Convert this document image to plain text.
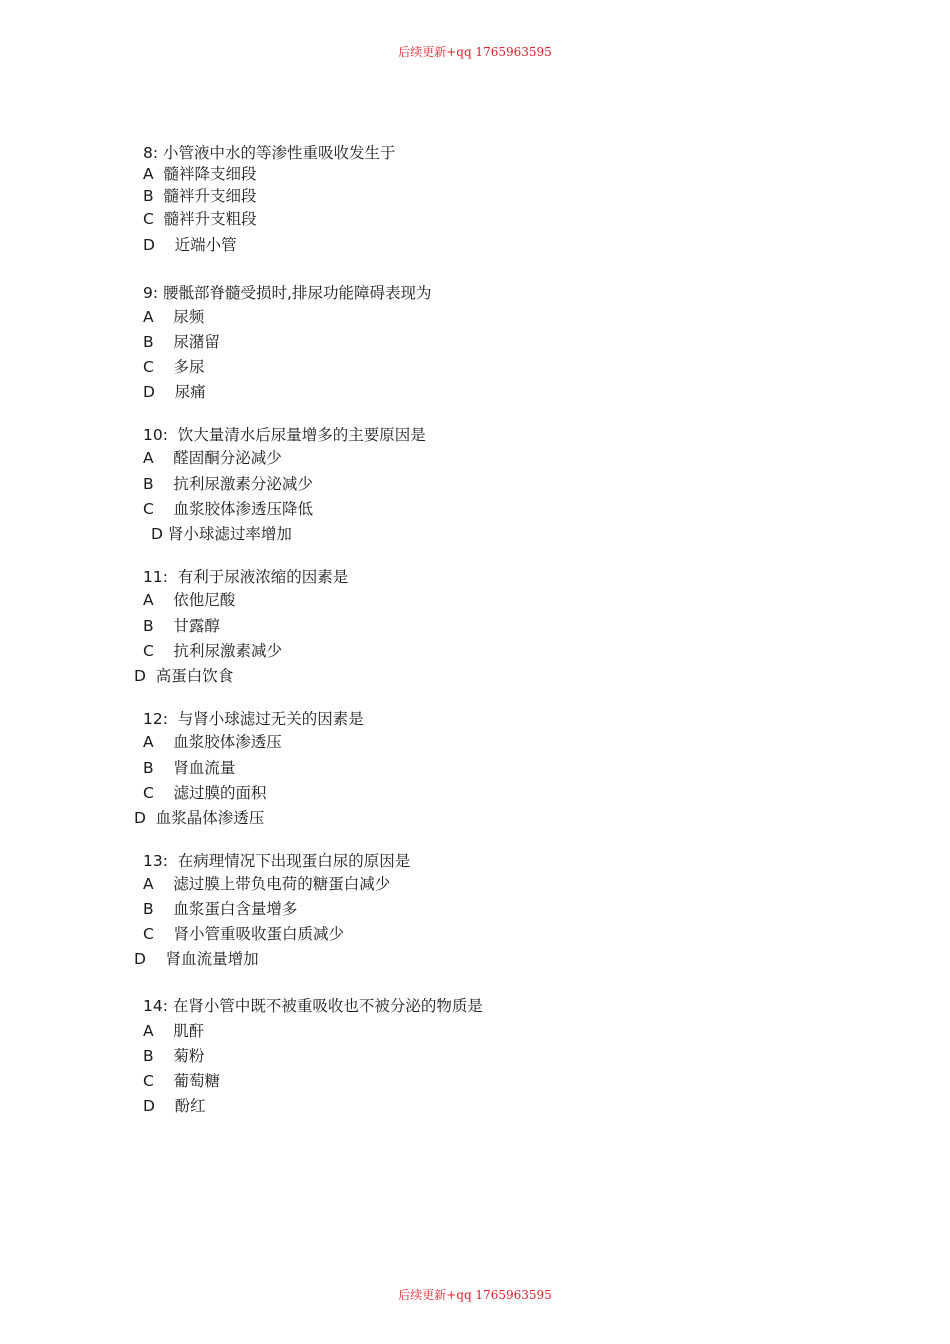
后续更新+qq 1765963595
8: 小管液中水的等渗性重吸收发生于
A  髓袢降支细段
B  髓袢升支细段
C  髓袢升支粗段
D    近端小管
9: 腰骶部脊髓受损时,排尿功能障碍表现为
A    尿频
B    尿潴留
C    多尿
D    尿痛
10:  饮大量清水后尿量增多的主要原因是
A    醛固酮分泌减少
B    抗利尿激素分泌减少
C    血浆胶体渗透压降低
D 肾小球滤过率增加
11:  有利于尿液浓缩的因素是
A    依他尼酸
B    甘露醇
C    抗利尿激素减少
D  高蛋白饮食
12:  与肾小球滤过无关的因素是
A    血浆胶体渗透压
B    肾血流量
C    滤过膜的面积
D  血浆晶体渗透压
13:  在病理情况下出现蛋白尿的原因是
A    滤过膜上带负电荷的糖蛋白减少
B    血浆蛋白含量增多
C    肾小管重吸收蛋白质减少
D    肾血流量增加
14: 在肾小管中既不被重吸收也不被分泌的物质是
A    肌酐
B    菊粉
C    葡萄糖
D    酚红
后续更新+qq 1765963595
